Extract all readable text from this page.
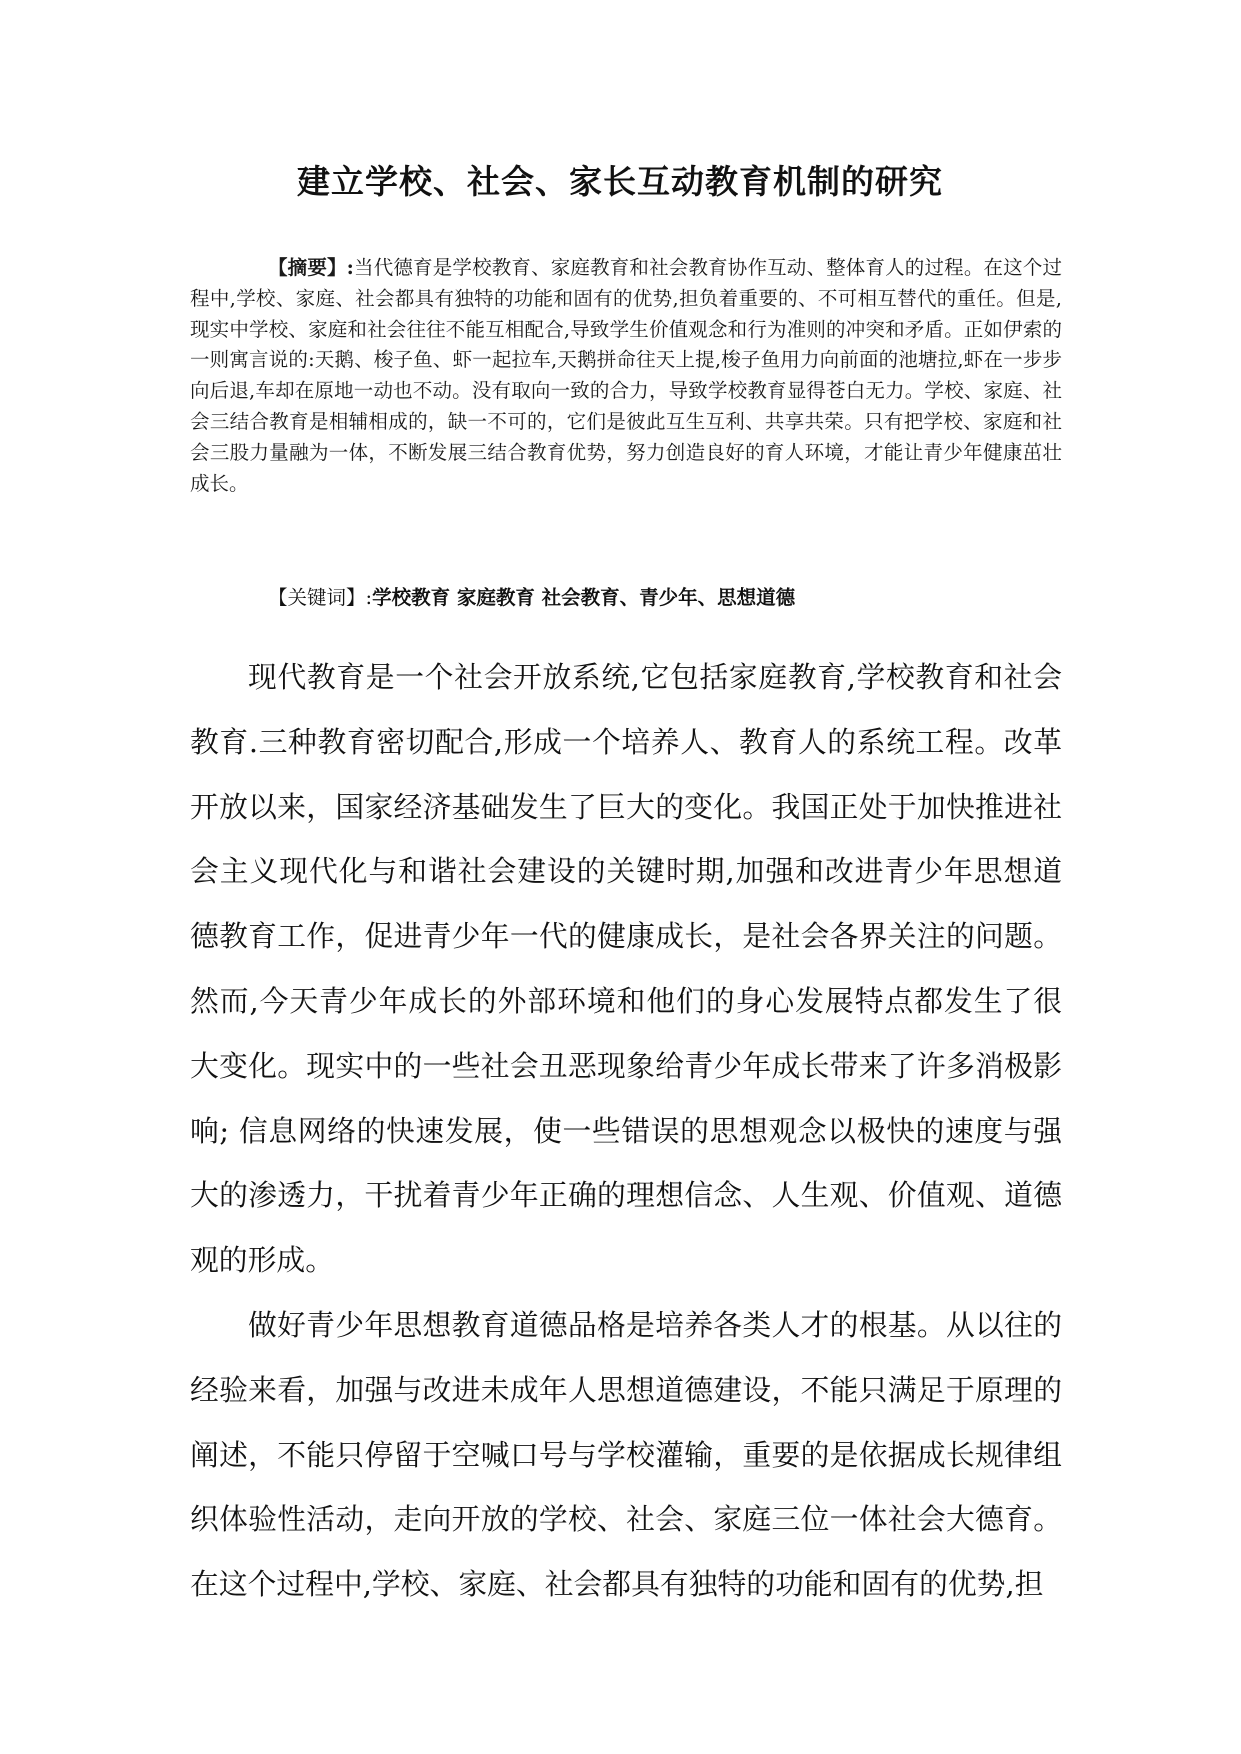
建立学校、社会、家长互动教育机制的研究

【摘要】:当代德育是学校教育、家庭教育和社会教育协作互动、整体育人的过程。在这个过程中,学校、家庭、社会都具有独特的功能和固有的优势,担负着重要的、不可相互替代的重任。但是,现实中学校、家庭和社会往往不能互相配合,导致学生价值观念和行为准则的冲突和矛盾。正如伊索的一则寓言说的:天鹅、梭子鱼、虾一起拉车,天鹅拼命往天上提,梭子鱼用力向前面的池塘拉,虾在一步步向后退,车却在原地一动也不动。没有取向一致的合力，导致学校教育显得苍白无力。学校、家庭、社会三结合教育是相辅相成的，缺一不可的，它们是彼此互生互利、共享共荣。只有把学校、家庭和社会三股力量融为一体，不断发展三结合教育优势，努力创造良好的育人环境，才能让青少年健康茁壮成长。

【关键词】:学校教育 家庭教育 社会教育、青少年、思想道德

现代教育是一个社会开放系统,它包括家庭教育,学校教育和社会教育.三种教育密切配合,形成一个培养人、教育人的系统工程。改革开放以来，国家经济基础发生了巨大的变化。我国正处于加快推进社会主义现代化与和谐社会建设的关键时期,加强和改进青少年思想道德教育工作，促进青少年一代的健康成长，是社会各界关注的问题。然而,今天青少年成长的外部环境和他们的身心发展特点都发生了很大变化。现实中的一些社会丑恶现象给青少年成长带来了许多消极影响; 信息网络的快速发展，使一些错误的思想观念以极快的速度与强大的渗透力，干扰着青少年正确的理想信念、人生观、价值观、道德观的形成。

做好青少年思想教育道德品格是培养各类人才的根基。从以往的经验来看，加强与改进未成年人思想道德建设，不能只满足于原理的阐述，不能只停留于空喊口号与学校灌输，重要的是依据成长规律组织体验性活动，走向开放的学校、社会、家庭三位一体社会大德育。在这个过程中,学校、家庭、社会都具有独特的功能和固有的优势,担
